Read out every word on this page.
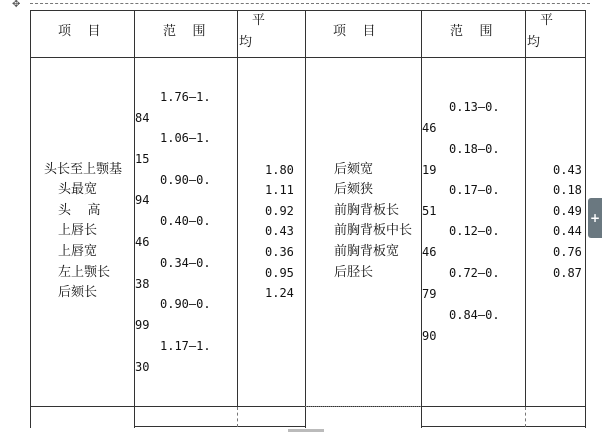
✥
项    目	范    围
平
均
项    目	范    围
平
均
头长至上颚基
头最宽
头    高
上唇长
上唇宽
左上颚长
后颏长
1.76—1.
84
1.06—1.
15
0.90—0.
94
0.40—0.
46
0.34—0.
38
0.90—0.
99
1.17—1.
30
1.80
1.11
0.92
0.43
0.36
0.95
1.24
后颏宽
后颏狭
前胸背板长
前胸背板中长
前胸背板宽
后胫长
0.13—0.
46
0.18—0.
19
0.17—0.
51
0.12—0.
46
0.72—0.
79
0.84—0.
90
0.43
0.18
0.49
0.44
0.76
0.87
+
